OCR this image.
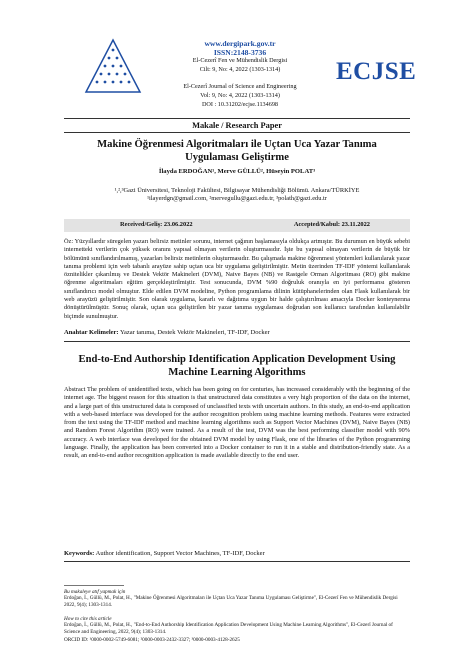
www.dergipark.gov.tr
ISSN:2148-3736
El-Cezerî Fen ve Mühendislik Dergisi
Cilt: 9, No: 4, 2022 (1303-1314)
El-Cezerî Journal of Science and Engineering
Vol: 9, No: 4, 2022 (1303-1314)
DOI : 10.31202/ecjse.1134698
ECJSE
Makale / Research Paper
Makine Öğrenmesi Algoritmaları ile Uçtan Uca Yazar Tanıma
Uygulaması Geliştirme
İlayda ERDOĞAN¹, Merve GÜLLÜ², Hüseyin POLAT³
¹,²,³Gazi Üniversitesi, Teknoloji Fakültesi, Bilgisayar Mühendisliği Bölümü. Ankara/TÜRKİYE
¹ilayerdgn@gmail.com, ²mervegullu@gazi.edu.tr, ³polath@gazi.edu.tr
Received/Geliş: 23.06.2022	Accepted/Kabul: 23.11.2022
Öz: Yüzyıllardır süregelen yazarı belirsiz metinler sorunu, internet çağının başlamasıyla oldukça artmıştır. Bu durumun en büyük sebebi internetteki verilerin çok yüksek oranını yapısal olmayan verilerin oluşturmasıdır. İşte bu yapısal olmayan verilerin de büyük bir bölümünü sınıflandırılmamış, yazarları belirsiz metinlerin oluşturmasıdır. Bu çalışmada makine öğrenmesi yöntemleri kullanılarak yazar tanıma problemi için web tabanlı arayüze sahip uçtan uca bir uygulama geliştirilmiştir. Metin üzerinden TF-IDF yöntemi kullanılarak öznitelikler çıkarılmış ve Destek Vektör Makineleri (DVM), Naive Bayes (NB) ve Rastgele Orman Algoritması (RO) gibi makine öğrenme algoritmaları eğitim gerçekleştirilmiştir. Test sonucunda, DVM %90 doğruluk oranıyla en iyi performansı gösteren sınıflandırıcı model olmuştur. Elde edilen DVM modeline, Python programlama dilinin kütüphanelerinden olan Flask kullanılarak bir web arayüzü geliştirilmiştir. Son olarak uygulama, kararlı ve dağıtıma uygun bir halde çalıştırılması amacıyla Docker konteynerına dönüştürülmüştür. Sonuç olarak, uçtan uca geliştirilen bir yazar tanıma uygulaması doğrudan son kullanıcı tarafından kullanılabilir biçimde sunulmuştur.
Anahtar Kelimeler: Yazar tanıma, Destek Vektör Makineleri, TF-IDF, Docker
End-to-End Authorship Identification Application Development Using
Machine Learning Algorithms
Abstract The problem of unidentified texts, which has been going on for centuries, has increased considerably with the beginning of the internet age. The biggest reason for this situation is that unstructured data constitutes a very high proportion of the data on the internet, and a large part of this unstructured data is composed of unclassified texts with uncertain authors. In this study, an end-to-end application with a web-based interface was developed for the author recognition problem using machine learning methods. Features were extracted from the text using the TF-IDF method and machine learning algorithms such as Support Vector Machines (DVM), Naive Bayes (NB) and Random Forest Algorithm (RO) were trained. As a result of the test, DVM was the best performing classifier model with 90% accuracy. A web interface was developed for the obtained DVM model by using Flask, one of the libraries of the Python programming language. Finally, the application has been converted into a Docker container to run it in a stable and distribution-friendly state. As a result, an end-to-end author recognition application is made available directly to the end user.
Keywords: Author identification, Support Vector Machines, TF-IDF, Docker
Bu makaleye atıf yapmak için
Erdoğan, İ., Güllü, M., Polat, H., "Makine Öğrenmesi Algoritmaları ile Uçtan Uca Yazar Tanıma Uygulaması Geliştirme", El-Cezerî Fen ve Mühendislik Dergisi 2022, 9(4); 1303-1314.
How to cite this article
Erdoğan, İ., Güllü, M., Polat, H., "End-to-End Authorship Identification Application Development Using Machine Learning Algorithms", El-Cezerî Journal of Science and Engineering, 2022, 9(4); 1303-1314.
ORCID ID: ¹0000-0002-5749-6081; ²0000-0003-2432-3327; ³0000-0003-4128-2625
